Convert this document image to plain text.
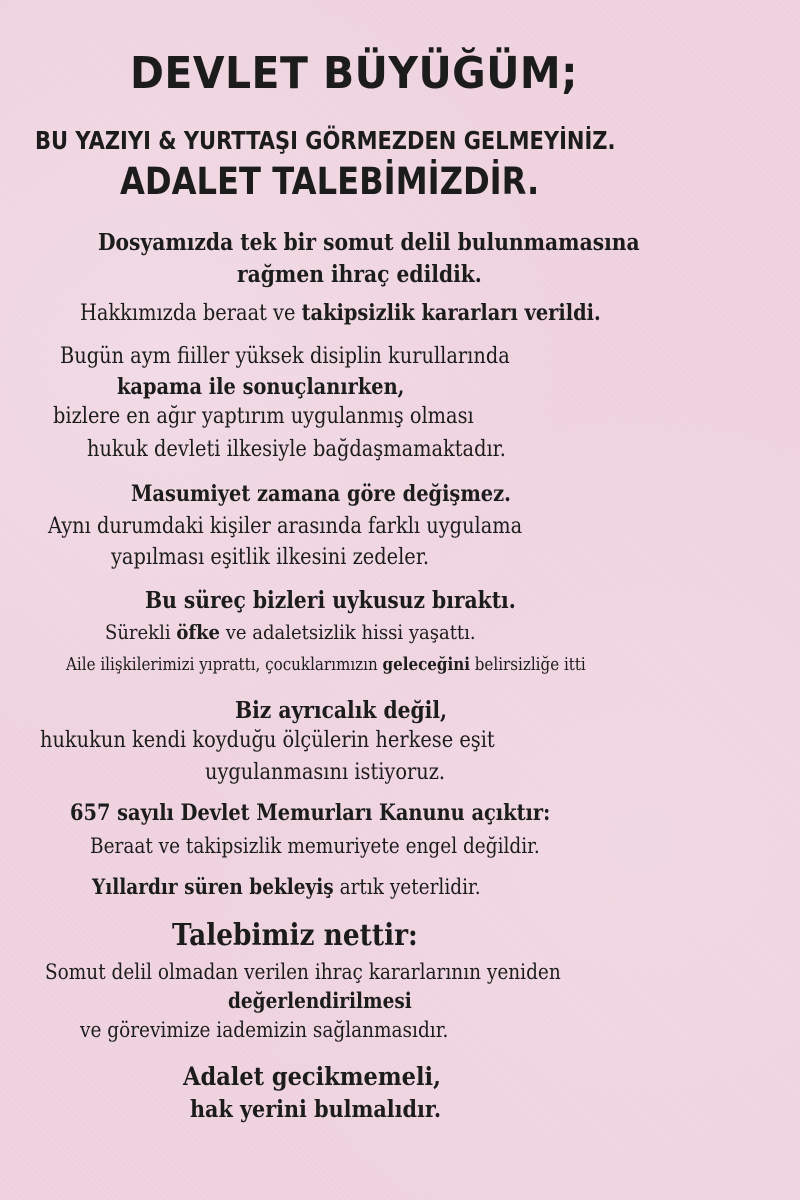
DEVLET BÜYÜĞÜM;
BU YAZIYI & YURTTAŞI GÖRMEZDEN GELMEYİNİZ.
ADALET TALEBİMİZDİR.
Dosyamızda tek bir somut delil bulunmamasına
rağmen ihraç edildik.
Hakkımızda beraat ve takipsizlik kararları verildi.
Bugün aym fiiller yüksek disiplin kurullarında
kapama ile sonuçlanırken,
bizlere en ağır yaptırım uygulanmış olması
hukuk devleti ilkesiyle bağdaşmamaktadır.
Masumiyet zamana göre değişmez.
Aynı durumdaki kişiler arasında farklı uygulama
yapılması eşitlik ilkesini zedeler.
Bu süreç bizleri uykusuz bıraktı.
Sürekli öfke ve adaletsizlik hissi yaşattı.
Aile ilişkilerimizi yıprattı, çocuklarımızın geleceğini belirsizliğe itti
Biz ayrıcalık değil,
hukukun kendi koyduğu ölçülerin herkese eşit
uygulanmasını istiyoruz.
657 sayılı Devlet Memurları Kanunu açıktır:
Beraat ve takipsizlik memuriyete engel değildir.
Yıllardır süren bekleyiş artık yeterlidir.
Talebimiz nettir:
Somut delil olmadan verilen ihraç kararlarının yeniden
değerlendirilmesi
ve görevimize iademizin sağlanmasıdır.
Adalet gecikmemeli,
hak yerini bulmalıdır.
